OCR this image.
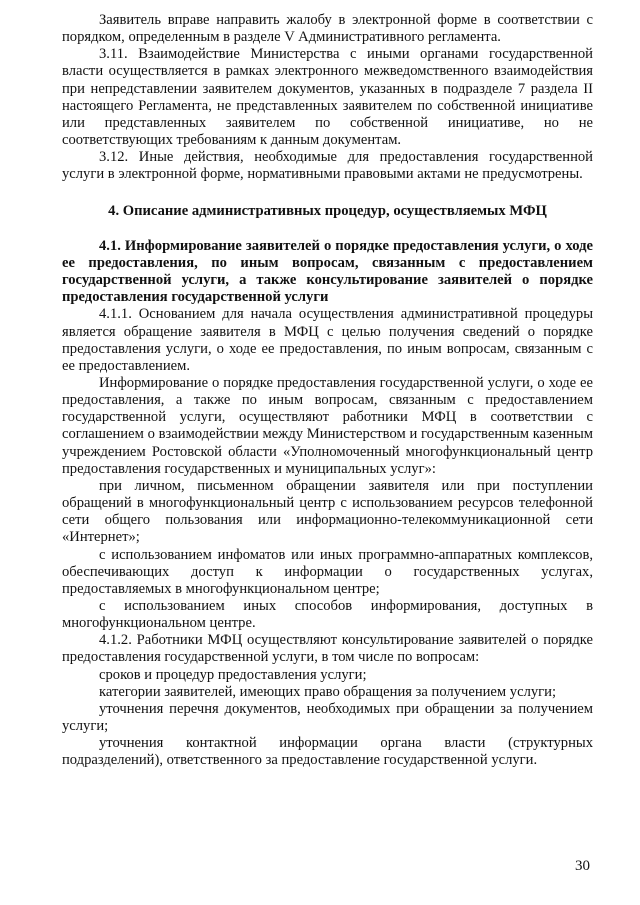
Заявитель вправе направить жалобу в электронной форме в соответствии с порядком, определенным в разделе V Административного регламента.

3.11. Взаимодействие Министерства с иными органами государственной власти осуществляется в рамках электронного межведомственного взаимодействия при непредставлении заявителем документов, указанных в подразделе 7 раздела II настоящего Регламента, не представленных заявителем по собственной инициативе или представленных заявителем по собственной инициативе, но не соответствующих требованиям к данным документам.

3.12. Иные действия, необходимые для предоставления государственной услуги в электронной форме, нормативными правовыми актами не предусмотрены.

4. Описание административных процедур, осуществляемых МФЦ

4.1. Информирование заявителей о порядке предоставления услуги, о ходе ее предоставления, по иным вопросам, связанным с предоставлением государственной услуги, а также консультирование заявителей о порядке предоставления государственной услуги

4.1.1. Основанием для начала осуществления административной процедуры является обращение заявителя в МФЦ с целью получения сведений о порядке предоставления услуги, о ходе ее предоставления, по иным вопросам, связанным с ее предоставлением.

Информирование о порядке предоставления государственной услуги, о ходе ее предоставления, а также по иным вопросам, связанным с предоставлением государственной услуги, осуществляют работники МФЦ в соответствии с соглашением о взаимодействии между Министерством и государственным казенным учреждением Ростовской области «Уполномоченный многофункциональный центр предоставления государственных и муниципальных услуг»:

при личном, письменном обращении заявителя или при поступлении обращений в многофункциональный центр с использованием ресурсов телефонной сети общего пользования или информационно-телекоммуникационной сети «Интернет»;

с использованием инфоматов или иных программно-аппаратных комплексов, обеспечивающих доступ к информации о государственных услугах, предоставляемых в многофункциональном центре;

с использованием иных способов информирования, доступных в многофункциональном центре.

4.1.2. Работники МФЦ осуществляют консультирование заявителей о порядке предоставления государственной услуги, в том числе по вопросам:

сроков и процедур предоставления услуги;

категории заявителей, имеющих право обращения за получением услуги;

уточнения перечня документов, необходимых при обращении за получением услуги;

уточнения контактной информации органа власти (структурных подразделений), ответственного за предоставление государственной услуги.

30
